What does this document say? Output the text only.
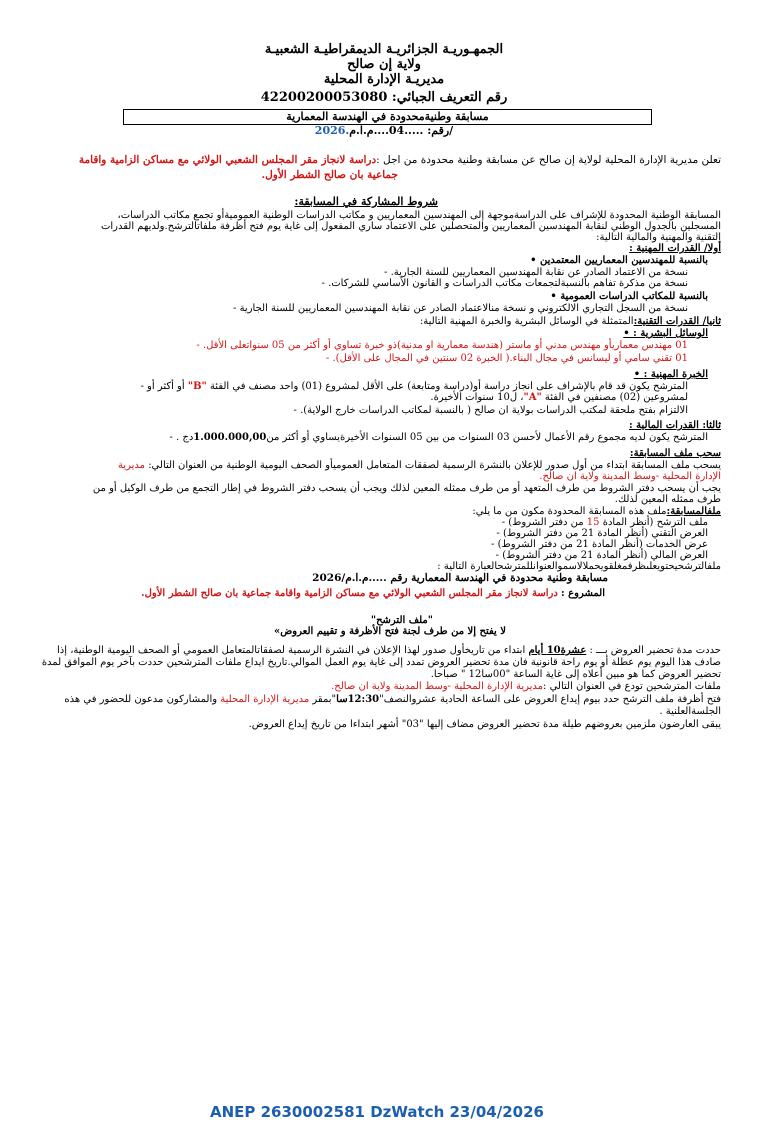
الجمهـوريـة الجزائريـة الديمقراطيـة الشعبيـة
ولاية إن صالح
مديريـة الإدارة المحلية
رقم التعريف الجبائي: 42200200053080
مسابقة وطنيةمحدودة في الهندسة المعمارية
2026.رقم: .....04....م.ا.م/
تعلن مديرية الإدارة المحلية لولاية إن صالح عن مسابقة وطنية محدودة من اجل :دراسة لانجاز مقر المجلس الشعبي الولائي مع مساكن الزامية واقامة
جماعية بان صالح الشطر الأول.
شروط المشاركة في المسابقة:
المسابقة الوطنية المحدودة للإشراف على الدراسةموجهة إلى المهندسين المعماريين و مكاتب الدراسات الوطنية العموميةأو تجمع مكاتب الدراسات،
المسجلين بالجدول الوطني لنقابة المهندسين المعماريين والمتحصلين على الاعتماد ساري المفعول إلى غاية يوم فتح أظرفة ملفاتالترشح.ولديهم القدرات
التقنية والمهنية والمالية التالية:
أولا/ القدرات المهنية :
بالنسبة للمهندسين المعماريين المعتمدين •
نسخة من الاعتماد الصادر عن نقابة المهندسين المعماريين للسنة الجارية. -
نسخة من مذكرة تفاهم بالنسبةلتجمعات مكاتب الدراسات و القانون الأساسي للشركات. -
بالنسبة للمكاتب الدراسات العمومية •
نسخة من السجل التجاري الالكتروني و نسخة منالاعتماد الصادر عن نقابة المهندسين المعماريين للسنة الجارية -
ثانيا/ القدرات التقنية:المتمثلة في الوسائل البشرية والخبرة المهنية التالية:
الوسائل البشرية : •
01 مهندس معماريأو مهندس مدني أو ماستر (هندسة معمارية او مدنية)ذو خبرة تساوي أو أكثر من 05 سنواتعلى الأقل. -
01 تقني سامي أو ليسانس في مجال البناء.( الخبرة 02 سنتين في المجال على الأقل). -
الخبرة المهنية : •
المترشح يكون قد قام بالإشراف على انجاز دراسة أو(دراسة ومتابعة) على الأقل لمشروع (01) واحد مصنف في الفئة "B" أو أكثر أو -
لمشروعين (02) مصنفين في الفئة "A"، ل10 سنوات الأخيرة.
الالتزام بفتح ملحقة لمكتب الدراسات بولاية ان صالح ( بالنسبة لمكاتب الدراسات خارج الولاية). -
ثالثا: القدرات المالية :
المترشح يكون لديه مجموع رقم الأعمال لأحسن 03 السنوات من بين 05 السنوات الأخيرةيساوي أو أكثر من1.000.000,00دج . -
سحب ملف المسابقة:
يسحب ملف المسابقة ابتداء من أول صدور للإعلان بالنشرة الرسمية لصفقات المتعامل العموميأو الصحف اليومية الوطنية من العنوان التالي: مديرية
الإدارة المحلية -وسط المدينة ولاية ان صالح.
يجب أن يسحب دفتر الشروط من طرف المتعهد أو من طرف ممثله المعين لذلك ويجب أن يسحب دفتر الشروط في إطار التجمع من طرف الوكيل أو من
طرف ممثله المعين لذلك.
ملفالمسابقة:ملف هذه المسابقة المحدودة مكون من ما يلي:
ملف الترشح (أنظر المادة 15 من دفتر الشروط) -
العرض التقني (أنظر المادة 21 من دفتر الشروط) -
عرض الخدمات (أنظر المادة 21 من دفتر الشروط) -
العرض المالي (أنظر المادة 21 من دفتر الشروط) -
ملفالترشحيحتويعلىظرفمغلقويحملالاسموالعنوانللمترشحالعبارة التالية :
مسابقة وطنية محدودة في الهندسة المعمارية رقم .....م.ا.م/2026
المشروع : دراسة لانجاز مقر المجلس الشعبي الولائي مع مساكن الزامية واقامة جماعية بان صالح الشطر الأول.
"ملف الترشح"
لا يفتح إلا من طرف لجنة فتح الأظرفة و تقييم العروض»
حددت مدة تحضير العروض بـــ : عشرة10 أيام ابتداء من تاريخأول صدور لهذا الإعلان في النشرة الرسمية لصفقاتالمتعامل العمومي أو الصحف اليومية الوطنية، إذا
صادف هذا اليوم يوم عطلة أو يوم راحة قانونية فان مدة تحضير العروض تمدد إلى غاية يوم العمل الموالي.تاريخ ايداع ملفات المترشحين حددت بآخر يوم الموافق لمدة
تحضير العروض كما هو مبين أعلاه إلى غاية الساعة "00سا12 " صباحا.
ملفات المترشحين تودع في العنوان التالي :مديرية الإدارة المحلية -وسط المدينة ولاية ان صالح.
فتح أظرفة ملف الترشح حدد بيوم إيداع العروض على الساعة الحادية عشروالنصف"12:30سا"بمقر مديرية الإدارة المحلية والمشاركون مدعون للحضور في هذه
الجلسةالعلنية .
يبقى العارضون ملزمين بعروضهم طيلة مدة تحضير العروض مضاف إليها "03" أشهر ابتداءا من تاريخ إيداع العروض.
ANEP 2630002581 DzWatch 23/04/2026
